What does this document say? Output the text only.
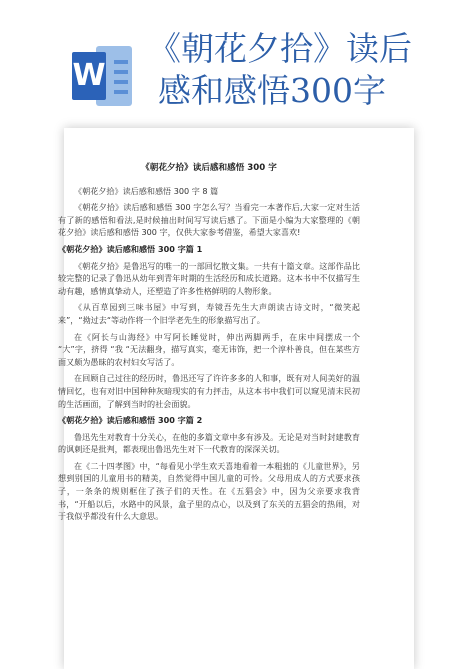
W
《朝花夕拾》读后
感和感悟300字
《朝花夕拾》读后感和感悟 300 字

《朝花夕拾》读后感和感悟 300 字 8 篇

《朝花夕拾》读后感和感悟 300 字怎么写？当看完一本著作后,大家一定对生活有了新的感悟和看法,是时候抽出时间写写读后感了。下面是小编为大家整理的《朝花夕拾》读后感和感悟 300 字，仅供大家参考借鉴，希望大家喜欢!

《朝花夕拾》读后感和感悟 300 字篇 1

《朝花夕拾》是鲁迅写的唯一的一部回忆散文集。一共有十篇文章。这部作品比较完整的记录了鲁迅从幼年到青年时期的生活经历和成长道路。这本书中不仅描写生动有趣，感情真挚动人，还塑造了许多性格鲜明的人物形象。

《从百草园到三味书屋》中写到，寿镜吾先生大声朗读古诗文时，“微笑起来”，“拗过去“等动作将一个旧学老先生的形象描写出了。

在《阿长与山海经》中写阿长睡觉时，伸出两脚两手，在床中间摆成一个 “大”字，挤得 “我 “无法翻身，描写真实，毫无讳饰，把一个淳朴善良，但在某些方面又颇为愚昧的农村妇女写活了。

在回顾自己过往的经历时，鲁迅还写了许许多多的人和事，既有对人间美好的温情回忆，也有对旧中国种种灰暗现实的有力抨击，从这本书中我们可以窥见清末民初的生活画面，了解到当时的社会面貌。

《朝花夕拾》读后感和感悟 300 字篇 2

鲁迅先生对教育十分关心，在他的多篇文章中多有涉及。无论是对当时封建教育的讽刺还是批判，都表现出鲁迅先生对下一代教育的深深关切。

在《二十四孝图》中，“每看见小学生欢天喜地看着一本粗拙的《儿童世界》，另想到别国的儿童用书的精美，自然觉得中国儿童的可怜。父母用成人的方式要求孩子，一条条的规则框住了孩子们的天性。在《五猖会》中，因为父亲要求我背书，“开船以后，水路中的风景，盒子里的点心，以及到了东关的五猖会的热闹，对于我似乎都没有什么大意思。
